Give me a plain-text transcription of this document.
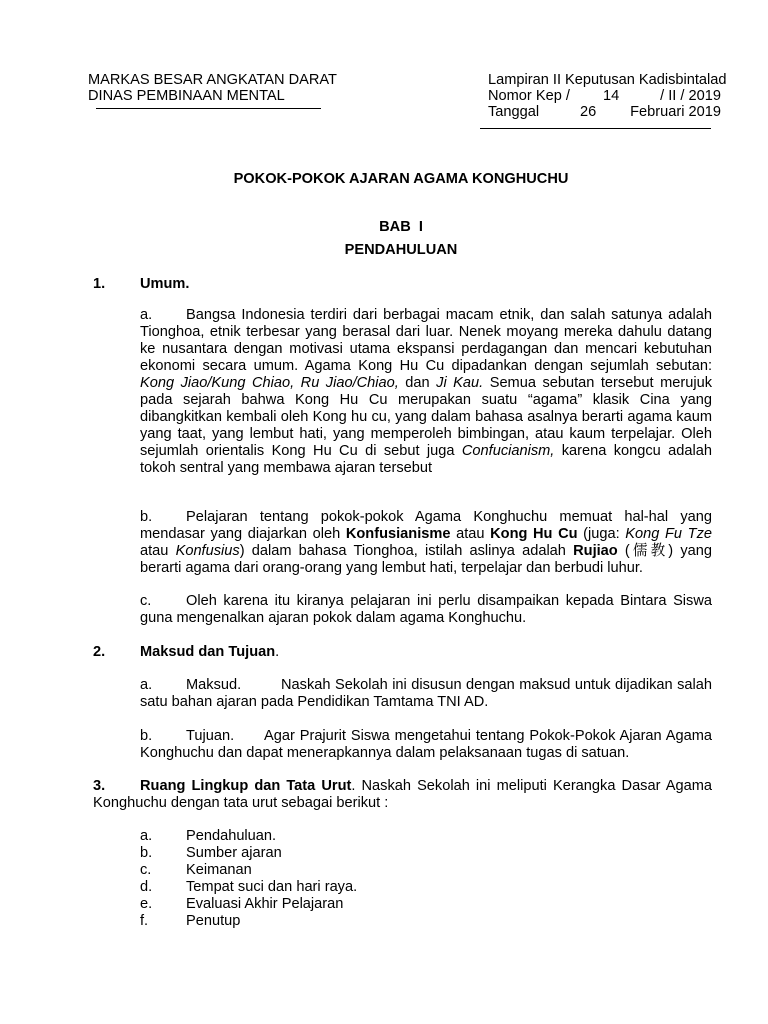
MARKAS BESAR ANGKATAN DARAT
DINAS PEMBINAAN MENTAL
Lampiran II Keputusan Kadisbintalad
Nomor Kep / 14	/ II / 2019
Tanggal	26 Februari 2019
POKOK-POKOK AJARAN AGAMA KONGHUCHU
BAB  I
PENDAHULUAN
1. Umum.
a. Bangsa Indonesia terdiri dari berbagai macam etnik, dan salah satunya adalah Tionghoa, etnik terbesar yang berasal dari luar. Nenek moyang mereka dahulu datang ke nusantara dengan motivasi utama ekspansi perdagangan dan mencari kebutuhan ekonomi secara umum. Agama Kong Hu Cu dipadankan dengan sejumlah sebutan: Kong Jiao/Kung Chiao, Ru Jiao/Chiao, dan Ji Kau. Semua sebutan tersebut merujuk pada sejarah bahwa Kong Hu Cu merupakan suatu “agama” klasik Cina yang dibangkitkan kembali oleh Kong hu cu, yang dalam bahasa asalnya berarti agama kaum yang taat, yang lembut hati, yang memperoleh bimbingan, atau kaum terpelajar. Oleh sejumlah orientalis Kong Hu Cu di sebut juga Confucianism, karena kongcu adalah tokoh sentral yang membawa ajaran tersebut
b. Pelajaran tentang pokok-pokok Agama Konghuchu memuat hal-hal yang mendasar yang diajarkan oleh Konfusianisme atau Kong Hu Cu (juga: Kong Fu Tze atau Konfusius) dalam bahasa Tionghoa, istilah aslinya adalah Rujiao (儒教) yang berarti agama dari orang-orang yang lembut hati, terpelajar dan berbudi luhur.
c. Oleh karena itu kiranya pelajaran ini perlu disampaikan kepada Bintara Siswa guna mengenalkan ajaran pokok dalam agama Konghuchu.
2. Maksud dan Tujuan.
a. Maksud.	Naskah Sekolah ini disusun dengan maksud untuk dijadikan salah satu bahan ajaran pada Pendidikan Tamtama TNI AD.
b. Tujuan. Agar Prajurit Siswa mengetahui tentang Pokok-Pokok Ajaran Agama Konghuchu dan dapat menerapkannya dalam pelaksanaan tugas di satuan.
3. Ruang Lingkup dan Tata Urut. Naskah Sekolah ini meliputi Kerangka Dasar Agama Konghuchu dengan tata urut sebagai berikut :
a. Pendahuluan.
b. Sumber ajaran
c. Keimanan
d. Tempat suci dan hari raya.
e. Evaluasi Akhir Pelajaran
f.	Penutup
